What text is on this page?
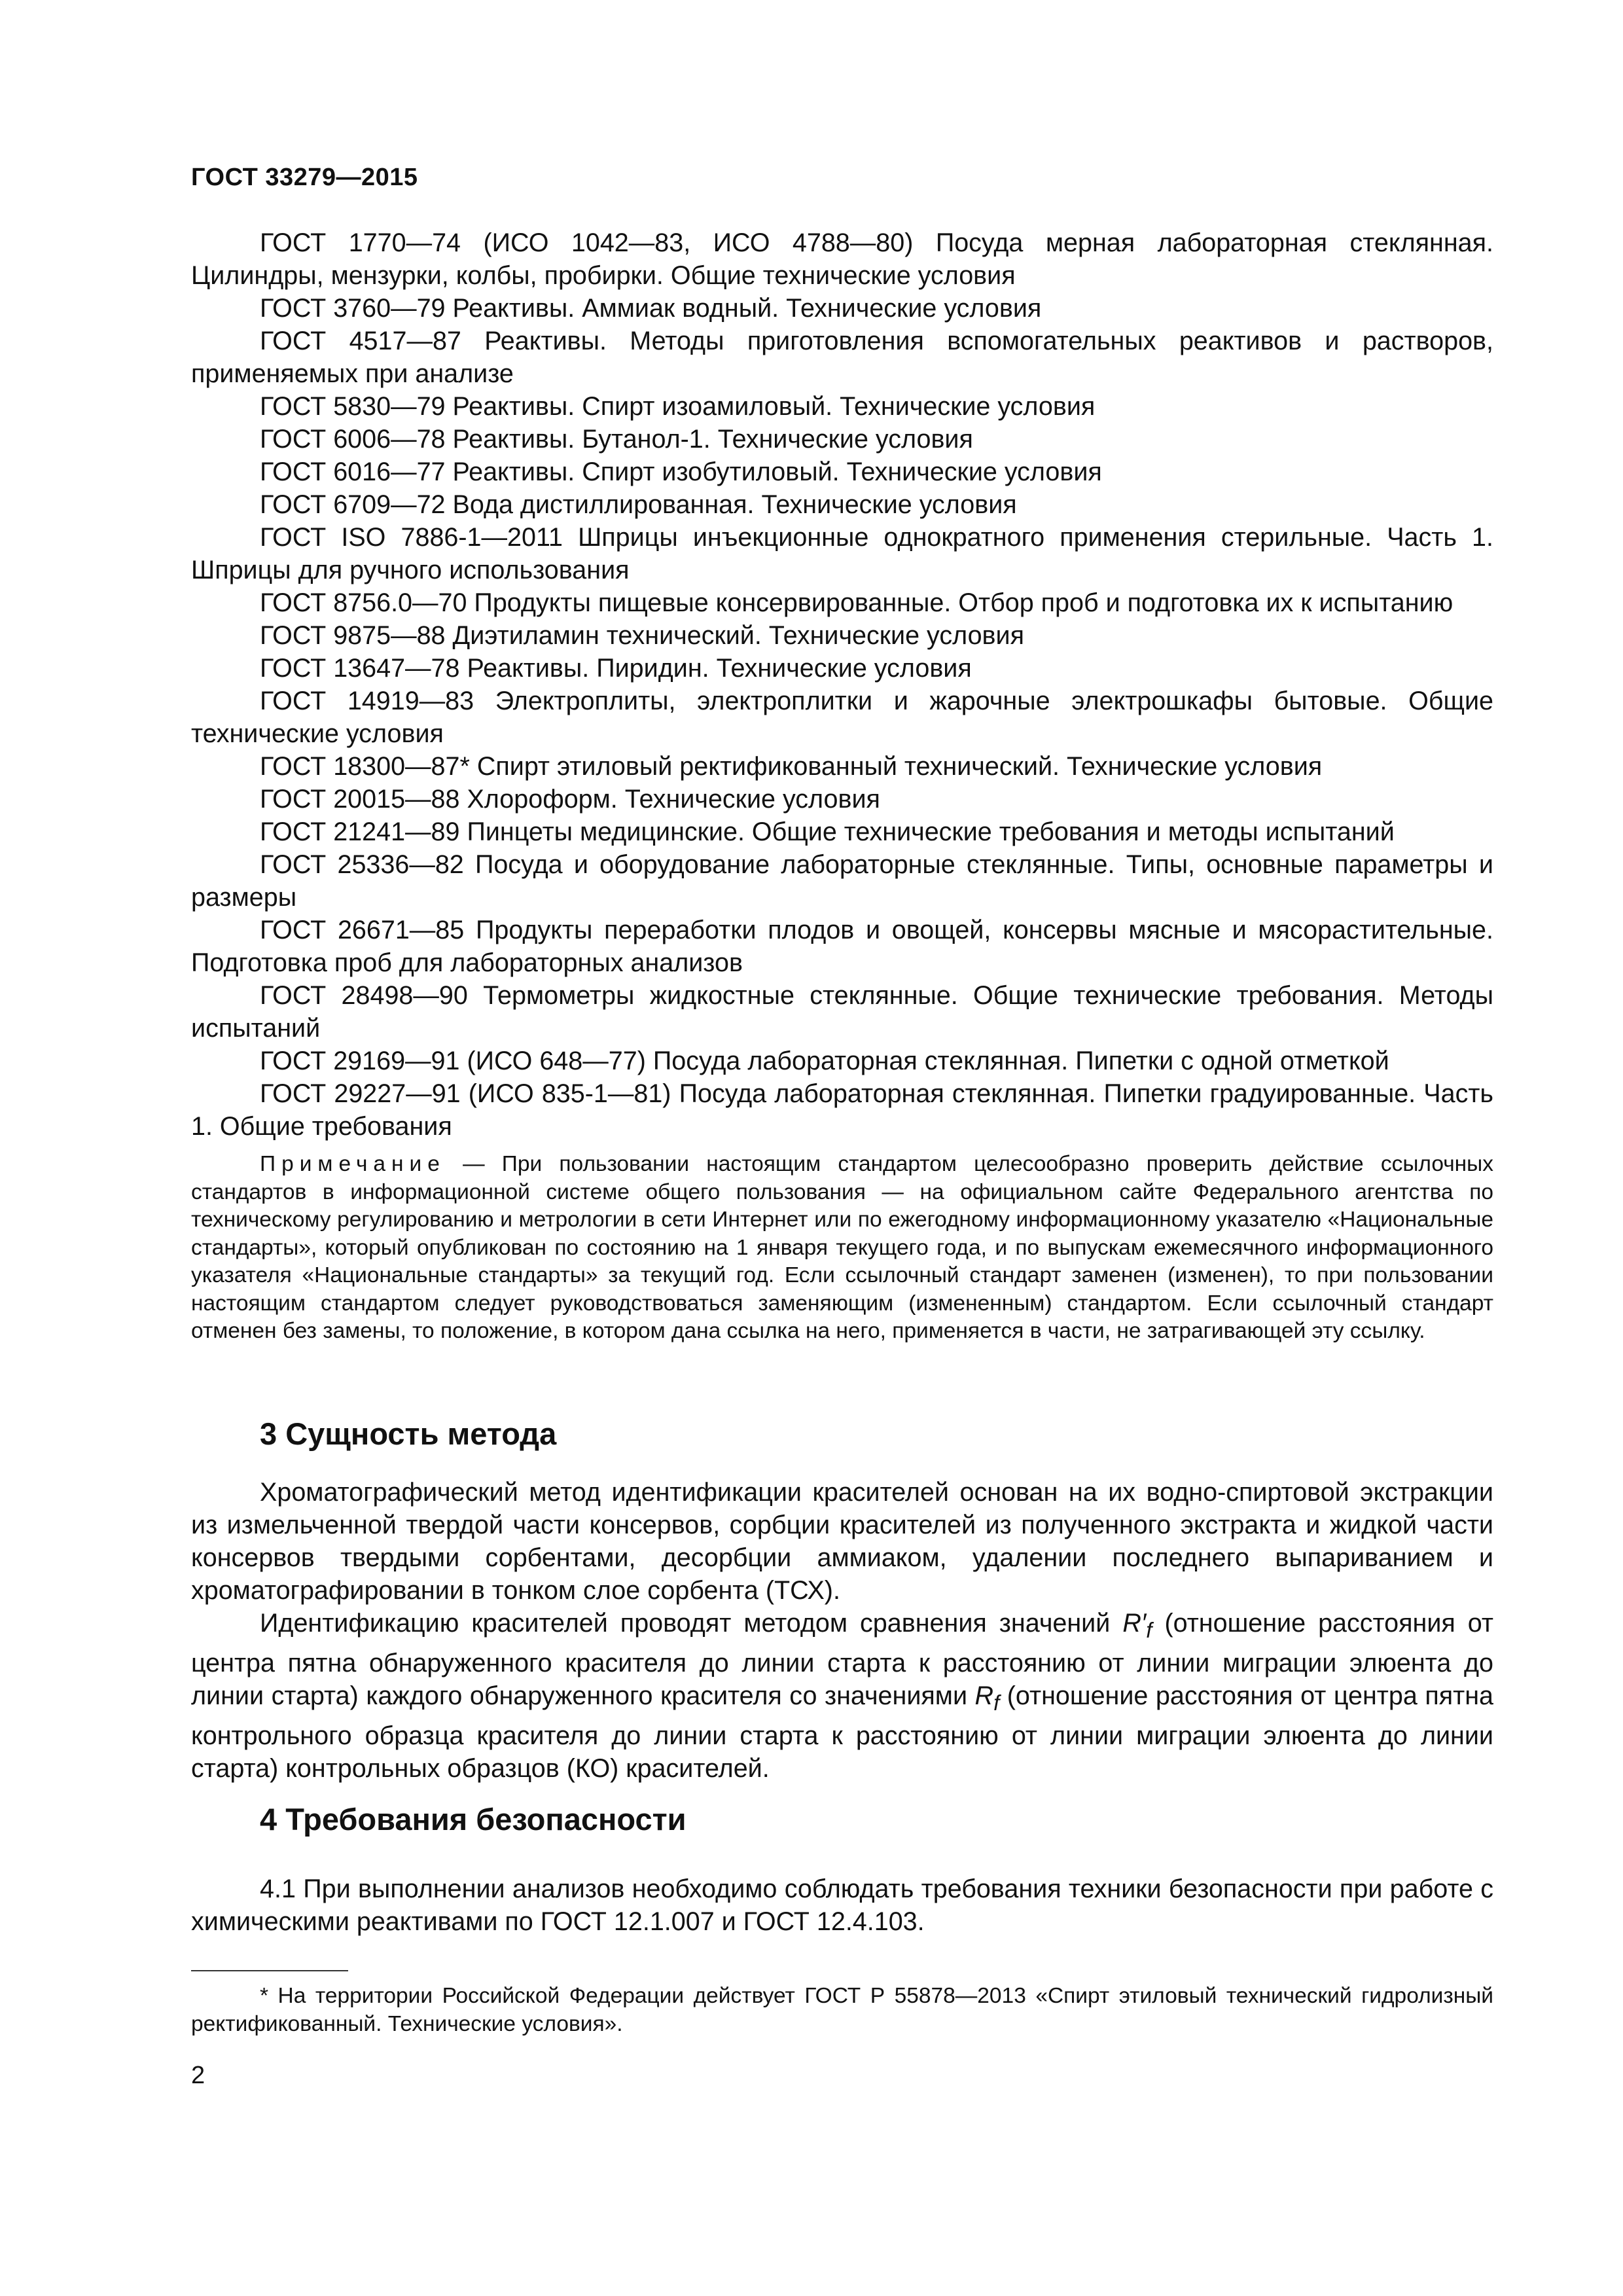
ГОСТ 33279—2015

ГОСТ 1770—74 (ИСО 1042—83, ИСО 4788—80) Посуда мерная лабораторная стеклянная. Цилиндры, мензурки, колбы, пробирки. Общие технические условия

ГОСТ 3760—79 Реактивы. Аммиак водный. Технические условия

ГОСТ 4517—87 Реактивы. Методы приготовления вспомогательных реактивов и растворов, применяемых при анализе

ГОСТ 5830—79 Реактивы. Спирт изоамиловый. Технические условия

ГОСТ 6006—78 Реактивы. Бутанол-1. Технические условия

ГОСТ 6016—77 Реактивы. Спирт изобутиловый. Технические условия

ГОСТ 6709—72 Вода дистиллированная. Технические условия

ГОСТ ISO 7886-1—2011 Шприцы инъекционные однократного применения стерильные. Часть 1. Шприцы для ручного использования

ГОСТ 8756.0—70 Продукты пищевые консервированные. Отбор проб и подготовка их к испытанию

ГОСТ 9875—88 Диэтиламин технический. Технические условия

ГОСТ 13647—78 Реактивы. Пиридин. Технические условия

ГОСТ 14919—83 Электроплиты, электроплитки и жарочные электрошкафы бытовые. Общие технические условия

ГОСТ 18300—87* Спирт этиловый ректификованный технический. Технические условия

ГОСТ 20015—88 Хлороформ. Технические условия

ГОСТ 21241—89 Пинцеты медицинские. Общие технические требования и методы испытаний

ГОСТ 25336—82 Посуда и оборудование лабораторные стеклянные. Типы, основные параметры и размеры

ГОСТ 26671—85 Продукты переработки плодов и овощей, консервы мясные и мясорастительные. Подготовка проб для лабораторных анализов

ГОСТ 28498—90 Термометры жидкостные стеклянные. Общие технические требования. Методы испытаний

ГОСТ 29169—91 (ИСО 648—77) Посуда лабораторная стеклянная. Пипетки с одной отметкой

ГОСТ 29227—91 (ИСО 835-1—81) Посуда лабораторная стеклянная. Пипетки градуированные. Часть 1. Общие требования

Примечание — При пользовании настоящим стандартом целесообразно проверить действие ссылочных стандартов в информационной системе общего пользования — на официальном сайте Федерального агентства по техническому регулированию и метрологии в сети Интернет или по ежегодному информационному указателю «Национальные стандарты», который опубликован по состоянию на 1 января текущего года, и по выпускам ежемесячного информационного указателя «Национальные стандарты» за текущий год. Если ссылочный стандарт заменен (изменен), то при пользовании настоящим стандартом следует руководствоваться заменяющим (измененным) стандартом. Если ссылочный стандарт отменен без замены, то положение, в котором дана ссылка на него, применяется в части, не затрагивающей эту ссылку.

3 Сущность метода

Хроматографический метод идентификации красителей основан на их водно-спиртовой экстракции из измельченной твердой части консервов, сорбции красителей из полученного экстракта и жидкой части консервов твердыми сорбентами, десорбции аммиаком, удалении последнего выпариванием и хроматографировании в тонком слое сорбента (ТСХ).

Идентификацию красителей проводят методом сравнения значений $R'_f$ (отношение расстояния от центра пятна обнаруженного красителя до линии старта к расстоянию от линии миграции элюента до линии старта) каждого обнаруженного красителя со значениями $R_f$ (отношение расстояния от центра пятна контрольного образца красителя до линии старта к расстоянию от линии миграции элюента до линии старта) контрольных образцов (КО) красителей.

4 Требования безопасности

4.1 При выполнении анализов необходимо соблюдать требования техники безопасности при работе с химическими реактивами по ГОСТ 12.1.007 и ГОСТ 12.4.103.

* На территории Российской Федерации действует ГОСТ Р 55878—2013 «Спирт этиловый технический гидролизный ректификованный. Технические условия».

2
